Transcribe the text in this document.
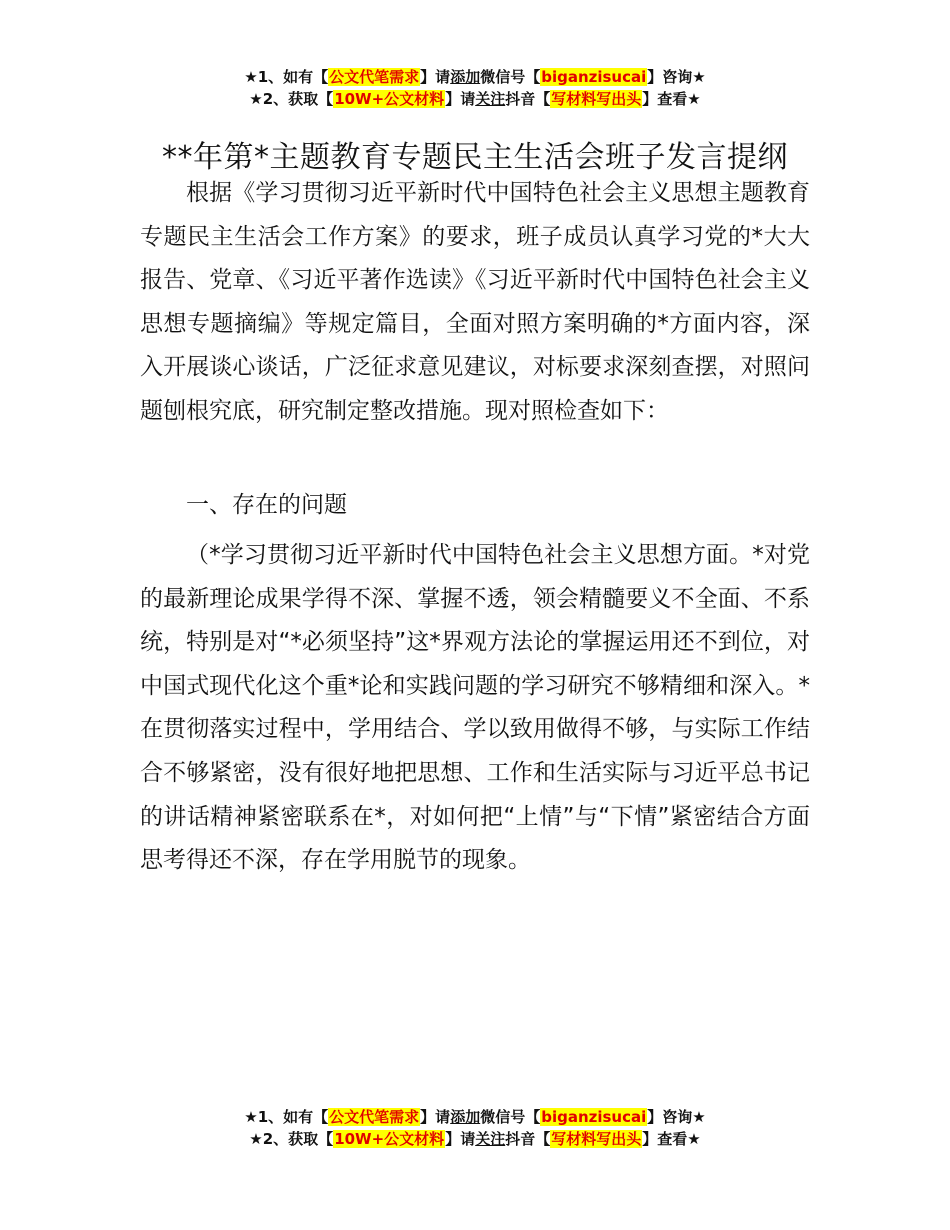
★1、如有【公文代笔需求】请添加微信号【biganzisucai】咨询★
★2、获取【10W+公文材料】请关注抖音【写材料写出头】查看★
**年第*主题教育专题民主生活会班子发言提纲

根据《学习贯彻习近平新时代中国特色社会主义思想主题教育专题民主生活会工作方案》的要求，班子成员认真学习党的*大大报告、党章、《习近平著作选读》《习近平新时代中国特色社会主义思想专题摘编》等规定篇目，全面对照方案明确的*方面内容，深入开展谈心谈话，广泛征求意见建议，对标要求深刻查摆，对照问题刨根究底，研究制定整改措施。现对照检查如下：

一、存在的问题

（*学习贯彻习近平新时代中国特色社会主义思想方面。*对党的最新理论成果学得不深、掌握不透，领会精髓要义不全面、不系统，特别是对“*必须坚持”这*界观方法论的掌握运用还不到位，对中国式现代化这个重*论和实践问题的学习研究不够精细和深入。*在贯彻落实过程中，学用结合、学以致用做得不够，与实际工作结合不够紧密，没有很好地把思想、工作和生活实际与习近平总书记的讲话精神紧密联系在*，对如何把“上情”与“下情”紧密结合方面思考得还不深，存在学用脱节的现象。

★1、如有【公文代笔需求】请添加微信号【biganzisucai】咨询★
★2、获取【10W+公文材料】请关注抖音【写材料写出头】查看★
